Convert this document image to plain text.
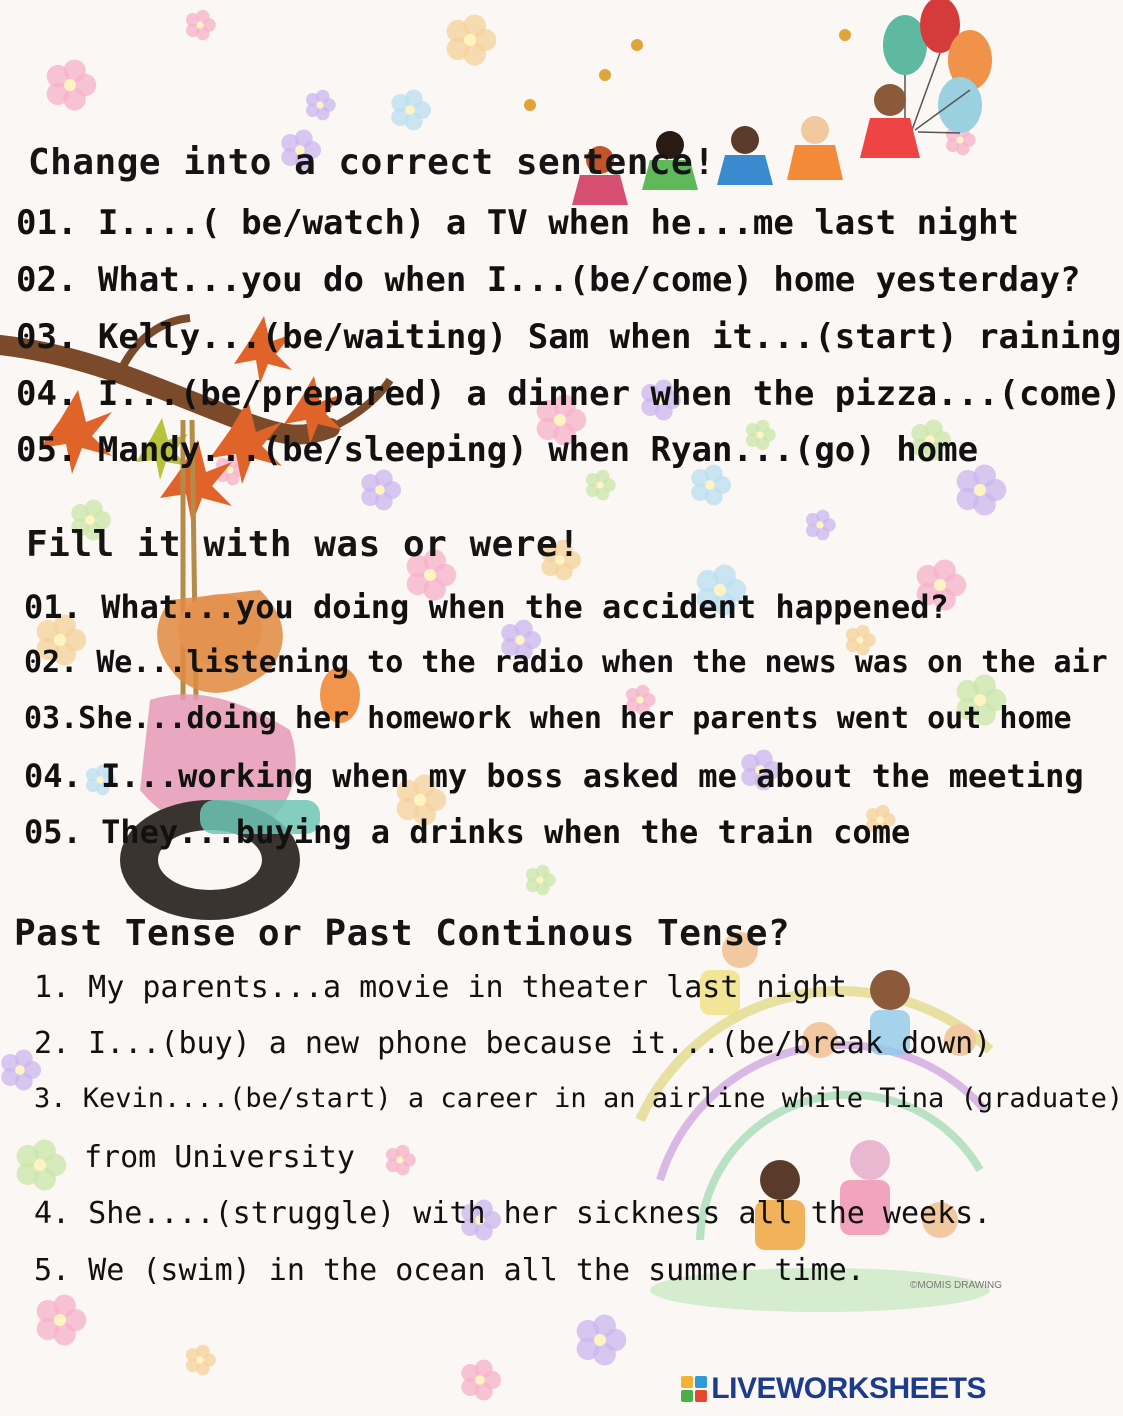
©MOMIS DRAWING
Change into a correct sentence!
01. I....( be/watch) a TV when he...me last night
02. What...you do when I...(be/come) home yesterday?
03. Kelly...(be/waiting) Sam when it...(start) raining
04. I...(be/prepared) a dinner when the pizza...(come)
05. Mandy...(be/sleeping) when Ryan...(go) home
Fill it with was or were!
01. What...you doing when the accident happened?
02. We...listening to the radio when the news was on the air
03.She...doing her homework when her parents went out home
04. I...working when my boss asked me about the meeting
05. They...buying a drinks when the train come
Past Tense or Past Continous Tense?
1. My parents...a movie in theater last night
2. I...(buy) a new phone because it...(be/break down)
3. Kevin....(be/start) a career in an airline while Tina (graduate)
from University
4. She....(struggle) with her sickness all the weeks.
5. We (swim) in the ocean all the summer time.
LIVEWORKSHEETS
